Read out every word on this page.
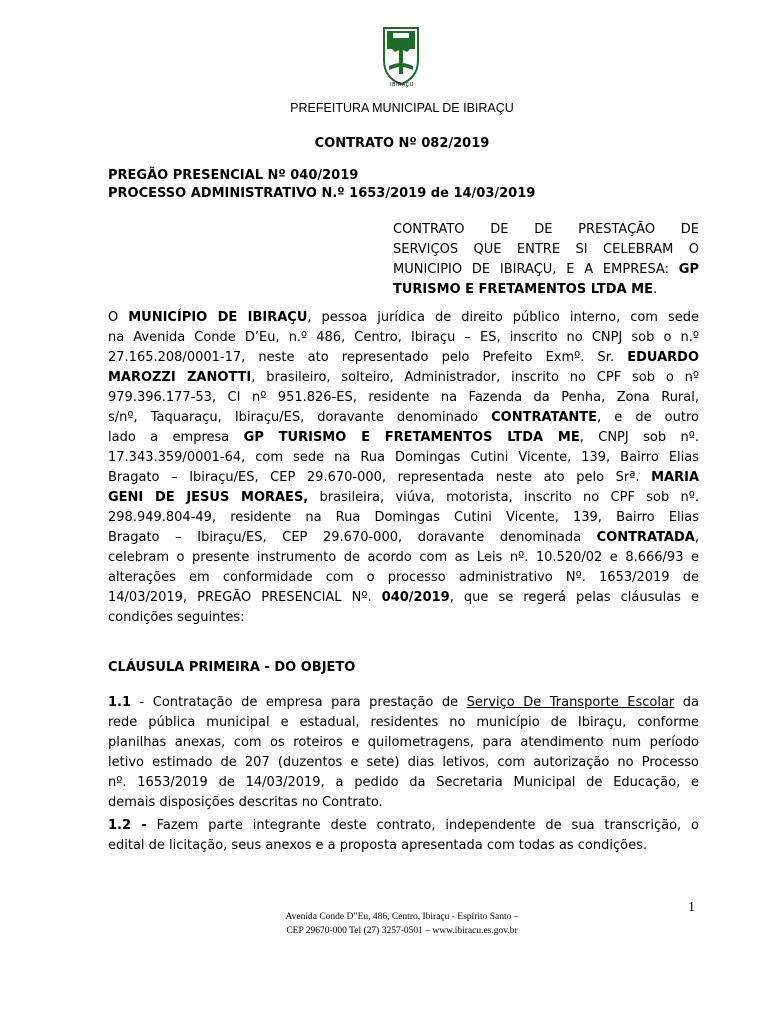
IBIRAÇU
PREFEITURA MUNICIPAL DE IBIRAÇU
CONTRATO Nº 082/2019
PREGÃO PRESENCIAL Nº 040/2019
PROCESSO ADMINISTRATIVO N.º 1653/2019 de 14/03/2019
CONTRATO DE DE PRESTAÇÃO DE
SERVIÇOS QUE ENTRE SI CELEBRAM O
MUNICIPIO DE IBIRAÇU, E A EMPRESA: GP
TURISMO E FRETAMENTOS LTDA ME.
O MUNICÍPIO DE IBIRAÇU, pessoa jurídica de direito público interno, com sede
na Avenida Conde D’Eu, n.º 486, Centro, Ibiraçu – ES, inscrito no CNPJ sob o n.º
27.165.208/0001-17, neste ato representado pelo Prefeito Exmº. Sr. EDUARDO
MAROZZI ZANOTTI, brasileiro, solteiro, Administrador, inscrito no CPF sob o nº
979.396.177-53, CI nº 951.826-ES, residente na Fazenda da Penha, Zona Rural,
s/nº, Taquaraçu, Ibiraçu/ES, doravante denominado CONTRATANTE, e de outro
lado a empresa GP TURISMO E FRETAMENTOS LTDA ME, CNPJ sob nº.
17.343.359/0001-64, com sede na Rua Domingas Cutini Vicente, 139, Bairro Elias
Bragato – Ibiraçu/ES, CEP 29.670-000, representada neste ato pelo Srª. MARIA
GENI DE JESUS MORAES, brasileira, viúva, motorista, inscrito no CPF sob nº.
298.949.804-49, residente na Rua Domingas Cutini Vicente, 139, Bairro Elias
Bragato – Ibiraçu/ES, CEP 29.670-000, doravante denominada CONTRATADA,
celebram o presente instrumento de acordo com as Leis nº. 10.520/02 e 8.666/93 e
alterações em conformidade com o processo administrativo Nº. 1653/2019 de
14/03/2019, PREGÃO PRESENCIAL Nº. 040/2019, que se regerá pelas cláusulas e
condições seguintes:
CLÁUSULA PRIMEIRA - DO OBJETO
1.1 - Contratação de empresa para prestação de Serviço De Transporte Escolar da
rede pública municipal e estadual, residentes no município de Ibiraçu, conforme
planilhas anexas, com os roteiros e quilometragens, para atendimento num período
letivo estimado de 207 (duzentos e sete) dias letivos, com autorização no Processo
nº. 1653/2019 de 14/03/2019, a pedido da Secretaria Municipal de Educação, e
demais disposições descritas no Contrato.
1.2 - Fazem parte integrante deste contrato, independente de sua transcrição, o
edital de licitação, seus anexos e a proposta apresentada com todas as condições.
1
Avenida Conde D”Eu, 486, Centro, Ibiraçu - Espírito Santo –
CEP 29670-000 Tel (27) 3257-0501 – www.ibiracu.es.gov.br
